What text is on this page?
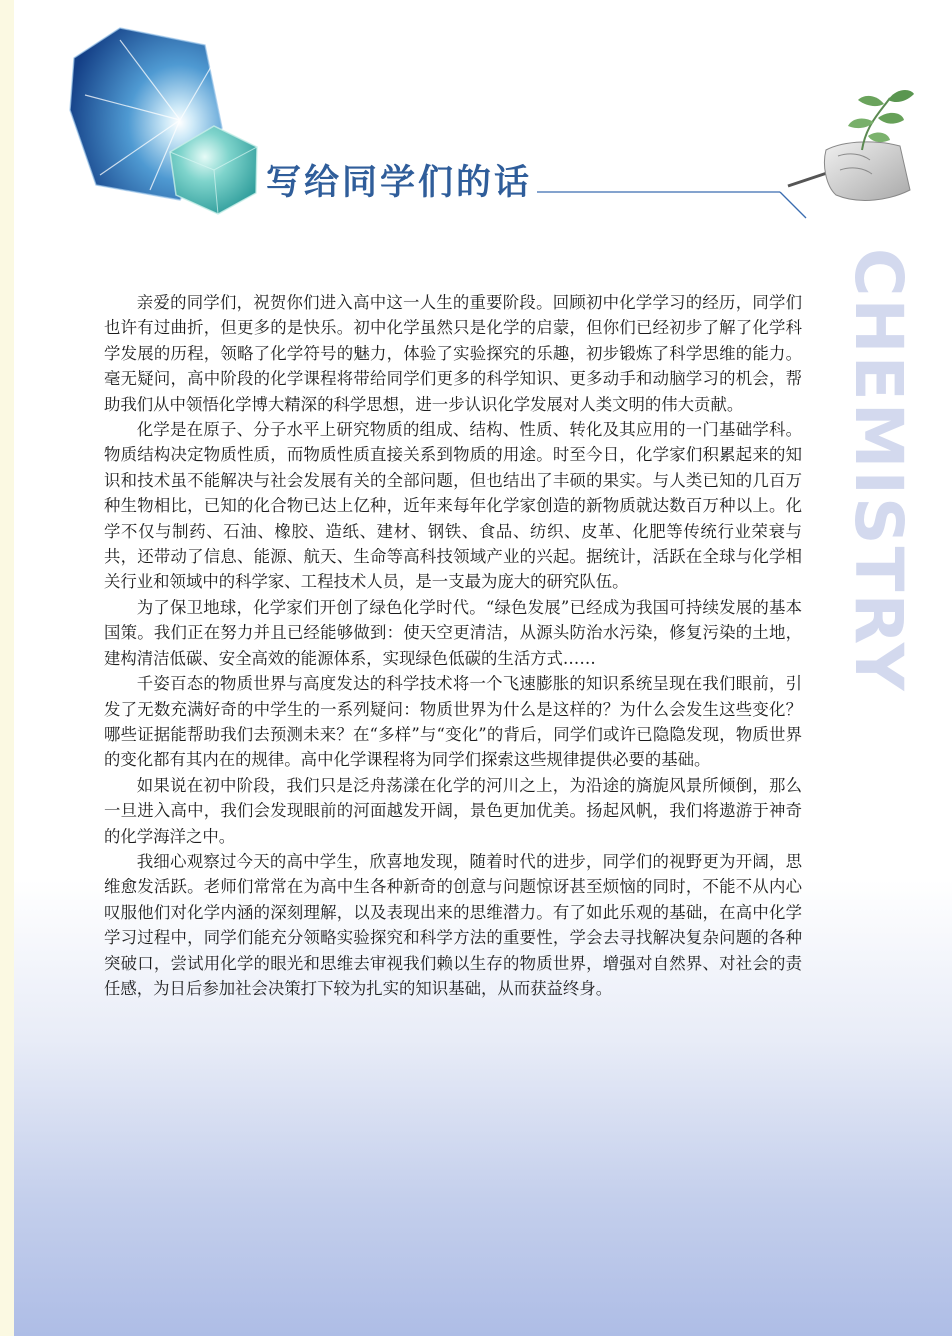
写给同学们的话
CHEMISTRY

亲爱的同学们，祝贺你们进入高中这一人生的重要阶段。回顾初中化学学习的经历，同学们也许有过曲折，但更多的是快乐。初中化学虽然只是化学的启蒙，但你们已经初步了解了化学科学发展的历程，领略了化学符号的魅力，体验了实验探究的乐趣，初步锻炼了科学思维的能力。毫无疑问，高中阶段的化学课程将带给同学们更多的科学知识、更多动手和动脑学习的机会，帮助我们从中领悟化学博大精深的科学思想，进一步认识化学发展对人类文明的伟大贡献。

化学是在原子、分子水平上研究物质的组成、结构、性质、转化及其应用的一门基础学科。物质结构决定物质性质，而物质性质直接关系到物质的用途。时至今日，化学家们积累起来的知识和技术虽不能解决与社会发展有关的全部问题，但也结出了丰硕的果实。与人类已知的几百万种生物相比，已知的化合物已达上亿种，近年来每年化学家创造的新物质就达数百万种以上。化学不仅与制药、石油、橡胶、造纸、建材、钢铁、食品、纺织、皮革、化肥等传统行业荣衰与共，还带动了信息、能源、航天、生命等高科技领域产业的兴起。据统计，活跃在全球与化学相关行业和领域中的科学家、工程技术人员，是一支最为庞大的研究队伍。

为了保卫地球，化学家们开创了绿色化学时代。“绿色发展”已经成为我国可持续发展的基本国策。我们正在努力并且已经能够做到：使天空更清洁，从源头防治水污染，修复污染的土地，建构清洁低碳、安全高效的能源体系，实现绿色低碳的生活方式……

千姿百态的物质世界与高度发达的科学技术将一个飞速膨胀的知识系统呈现在我们眼前，引发了无数充满好奇的中学生的一系列疑问：物质世界为什么是这样的？为什么会发生这些变化？哪些证据能帮助我们去预测未来？在“多样”与“变化”的背后，同学们或许已隐隐发现，物质世界的变化都有其内在的规律。高中化学课程将为同学们探索这些规律提供必要的基础。

如果说在初中阶段，我们只是泛舟荡漾在化学的河川之上，为沿途的旖旎风景所倾倒，那么一旦进入高中，我们会发现眼前的河面越发开阔，景色更加优美。扬起风帆，我们将遨游于神奇的化学海洋之中。

我细心观察过今天的高中学生，欣喜地发现，随着时代的进步，同学们的视野更为开阔，思维愈发活跃。老师们常常在为高中生各种新奇的创意与问题惊讶甚至烦恼的同时，不能不从内心叹服他们对化学内涵的深刻理解，以及表现出来的思维潜力。有了如此乐观的基础，在高中化学学习过程中，同学们能充分领略实验探究和科学方法的重要性，学会去寻找解决复杂问题的各种突破口，尝试用化学的眼光和思维去审视我们赖以生存的物质世界，增强对自然界、对社会的责任感，为日后参加社会决策打下较为扎实的知识基础，从而获益终身。
